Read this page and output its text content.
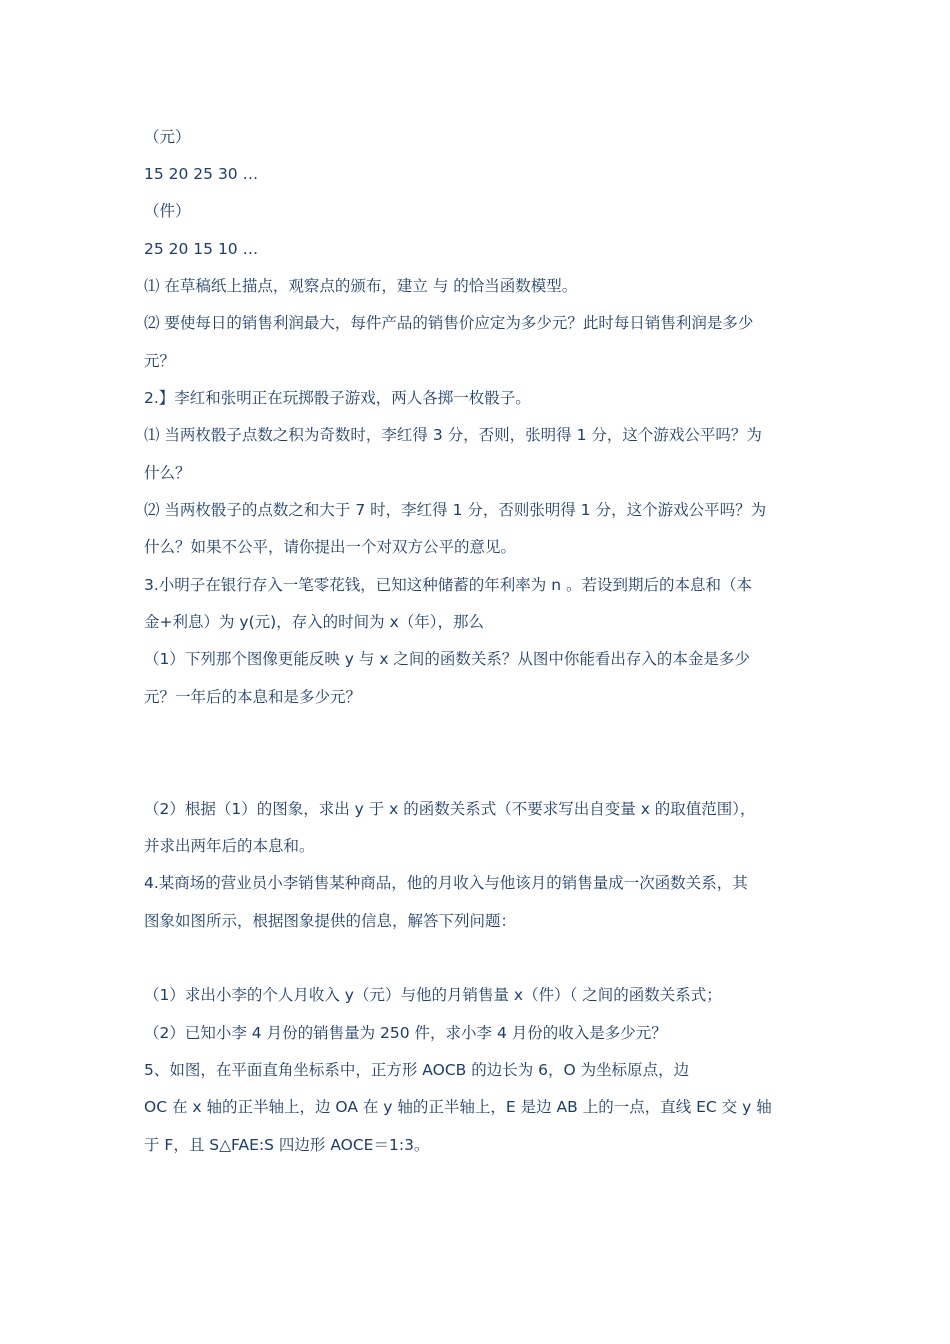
（元）
15 20 25 30 …
（件）
25 20 15 10 …
⑴ 在草稿纸上描点，观察点的颁布，建立 与 的恰当函数模型。
⑵ 要使每日的销售利润最大，每件产品的销售价应定为多少元？此时每日销售利润是多少
元？
2.】李红和张明正在玩掷骰子游戏，两人各掷一枚骰子。
⑴ 当两枚骰子点数之积为奇数时，李红得 3 分，否则，张明得 1 分，这个游戏公平吗？为
什么？
⑵ 当两枚骰子的点数之和大于 7 时，李红得 1 分，否则张明得 1 分，这个游戏公平吗？为
什么？如果不公平，请你提出一个对双方公平的意见。
3.小明子在银行存入一笔零花钱，已知这种储蓄的年利率为 n 。若设到期后的本息和（本
金+利息）为 y(元)，存入的时间为 x（年），那么
（1）下列那个图像更能反映 y 与 x 之间的函数关系？从图中你能看出存入的本金是多少
元？一年后的本息和是多少元？
（2）根据（1）的图象，求出 y 于 x 的函数关系式（不要求写出自变量 x 的取值范围），
并求出两年后的本息和。
4.某商场的营业员小李销售某种商品，他的月收入与他该月的销售量成一次函数关系，其
图象如图所示，根据图象提供的信息，解答下列问题：
（1）求出小李的个人月收入 y（元）与他的月销售量 x（件）（ 之间的函数关系式；
（2）已知小李 4 月份的销售量为 250 件，求小李 4 月份的收入是多少元？
5、如图，在平面直角坐标系中，正方形 AOCB 的边长为 6，O 为坐标原点，边
OC 在 x 轴的正半轴上，边 OA 在 y 轴的正半轴上，E 是边 AB 上的一点，直线 EC 交 y 轴
于 F，且 S△FAE:S 四边形 AOCE＝1:3。
